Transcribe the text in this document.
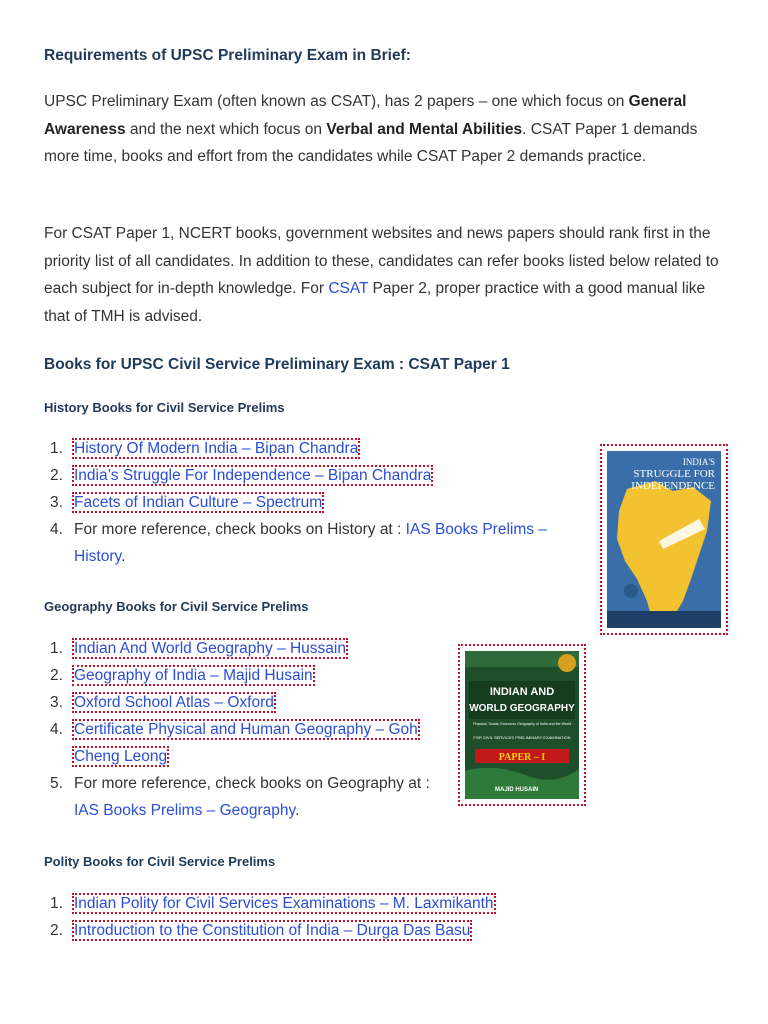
Requirements of UPSC Preliminary Exam in Brief:

UPSC Preliminary Exam (often known as CSAT), has 2 papers – one which focus on General Awareness and the next which focus on Verbal and Mental Abilities. CSAT Paper 1 demands more time, books and effort from the candidates while CSAT Paper 2 demands practice.

For CSAT Paper 1, NCERT books, government websites and news papers should rank first in the priority list of all candidates. In addition to these, candidates can refer books listed below related to each subject for in-depth knowledge. For CSAT Paper 2, proper practice with a good manual like that of TMH is advised.

Books for UPSC Civil Service Preliminary Exam : CSAT Paper 1
History Books for Civil Service Prelims
1. History Of Modern India – Bipan Chandra
2. India’s Struggle For Independence – Bipan Chandra
3. Facets of Indian Culture – Spectrum
4. For more reference, check books on History at : IAS Books Prelims – History.
INDIA'S
STRUGGLE FOR
INDEPENDENCE
Geography Books for Civil Service Prelims
1. Indian And World Geography – Hussain
2. Geography of India – Majid Husain
3. Oxford School Atlas – Oxford
4. Certificate Physical and Human Geography – Goh Cheng Leong
5. For more reference, check books on Geography at : IAS Books Prelims – Geography.
INDIAN AND
WORLD GEOGRAPHY
Physical, Social, Economic Geography of India and the World
FOR CIVIL SERVICES PRELIMINARY EXAMINATION
PAPER – I
MAJID HUSAIN
Polity Books for Civil Service Prelims
1. Indian Polity for Civil Services Examinations – M. Laxmikanth
2. Introduction to the Constitution of India – Durga Das Basu
